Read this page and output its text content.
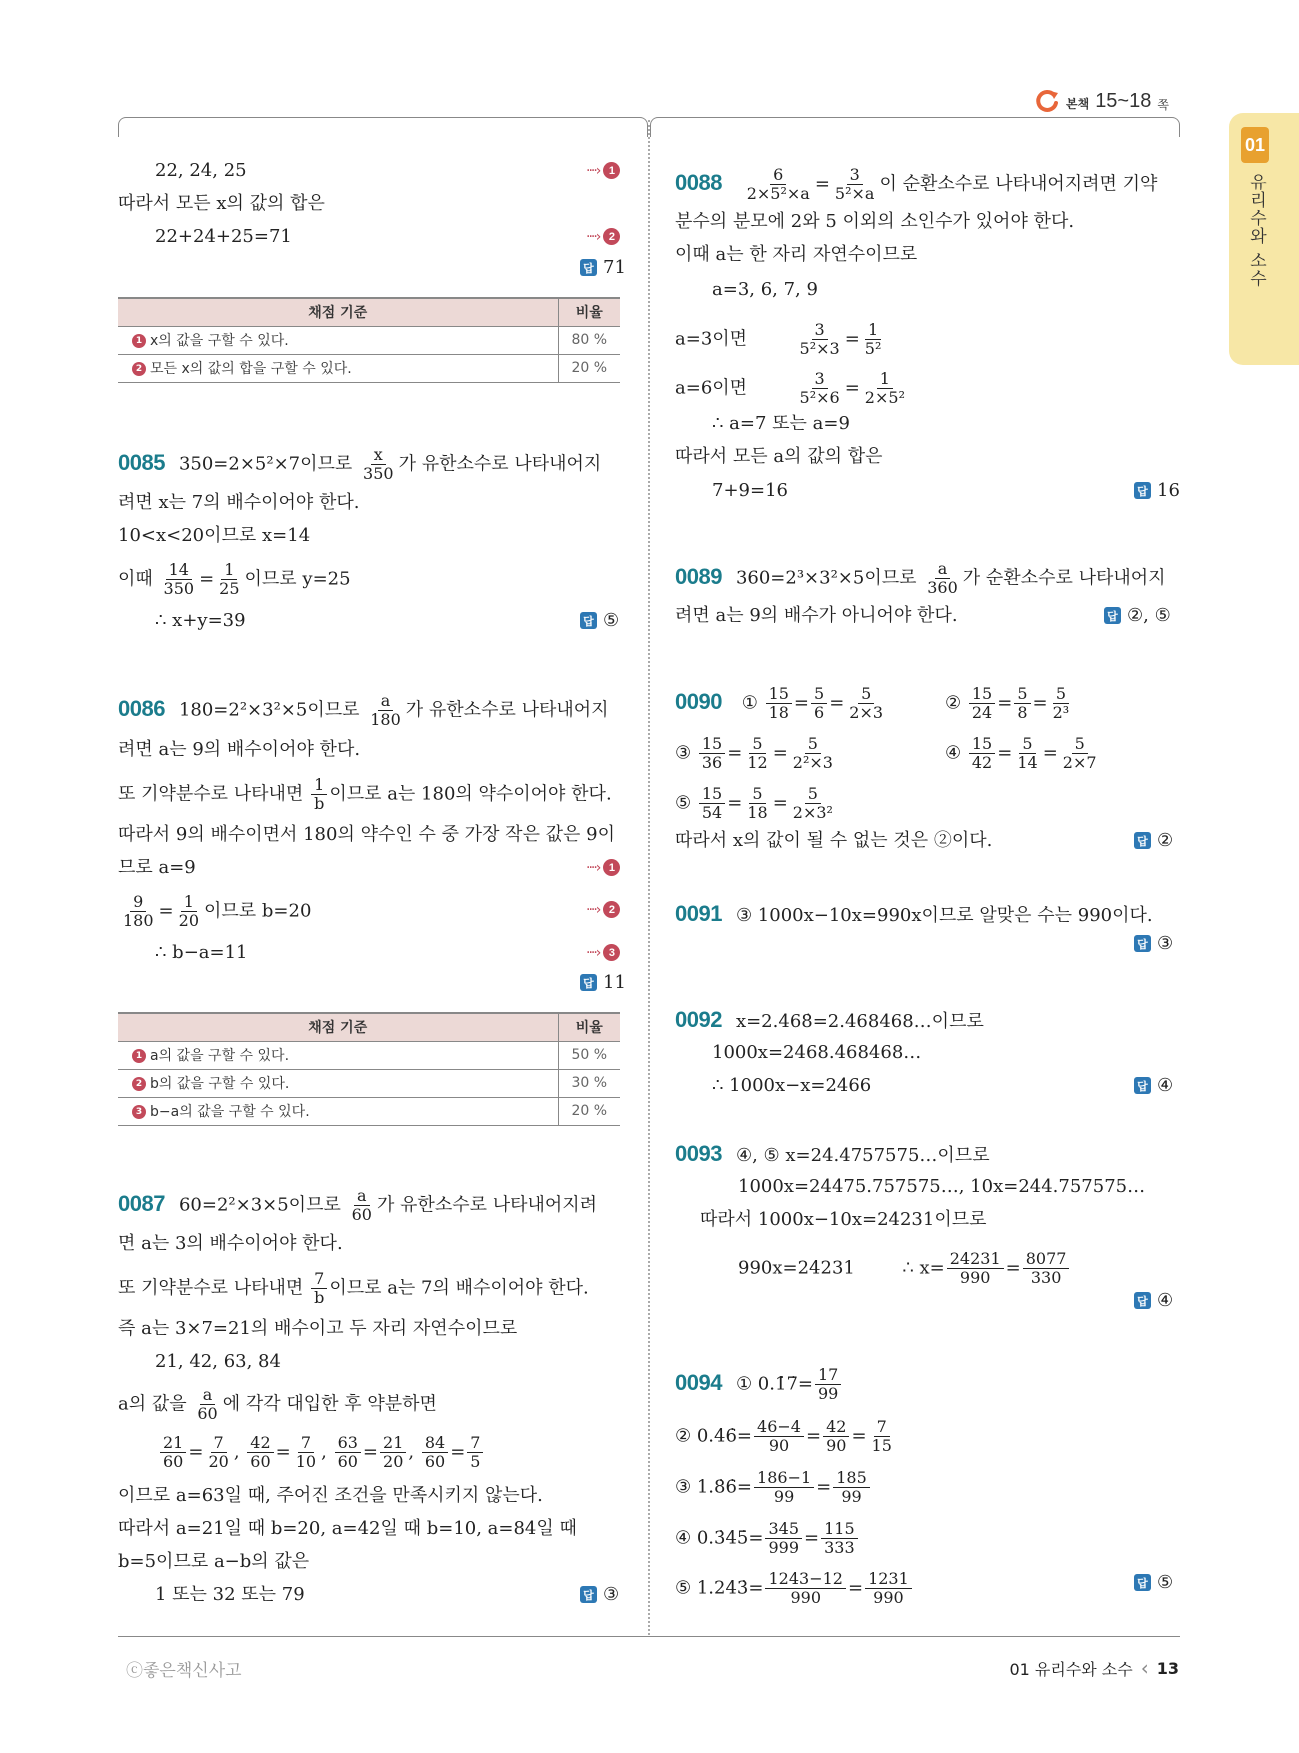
본책 15~18 쪽
01
유리수와 소수
22, 24, 25	····› 1
따라서 모든 x의 값의 합은
22+24+25=71	····› 2
답 71
채점 기준	비율
1 x의 값을 구할 수 있다.	80 %
2 모든 x의 값의 합을 구할 수 있다.	20 %
0085 350=2×5²×7이므로 $\frac{x}{350}$ 가 유한소수로 나타내어지
려면 x는 7의 배수이어야 한다.
10<x<20이므로 x=14
이때 $\frac{14}{350} = \frac{1}{25}$ 이므로 y=25
∴ x+y=39	답 ⑤
0086 180=2²×3²×5이므로 $\frac{a}{180}$ 가 유한소수로 나타내어지
려면 a는 9의 배수이어야 한다.
또 기약분수로 나타내면 $\frac{1}{b}$ 이므로 a는 180의 약수이어야 한다.
따라서 9의 배수이면서 180의 약수인 수 중 가장 작은 값은 9이
므로 a=9	····› 1
$\frac{9}{180} = \frac{1}{20}$ 이므로 b=20	····› 2
∴ b−a=11	····› 3
답 11
채점 기준	비율
1 a의 값을 구할 수 있다.	50 %
2 b의 값을 구할 수 있다.	30 %
3 b−a의 값을 구할 수 있다.	20 %
0087 60=2²×3×5이므로 $\frac{a}{60}$ 가 유한소수로 나타내어지려
면 a는 3의 배수이어야 한다.
또 기약분수로 나타내면 $\frac{7}{b}$ 이므로 a는 7의 배수이어야 한다.
즉 a는 3×7=21의 배수이고 두 자리 자연수이므로
21, 42, 63, 84
a의 값을 $\frac{a}{60}$ 에 각각 대입한 후 약분하면
$\frac{21}{60} = \frac{7}{20}$ , $\frac{42}{60} = \frac{7}{10}$ , $\frac{63}{60} = \frac{21}{20}$ , $\frac{84}{60} = \frac{7}{5}$
이므로 a=63일 때, 주어진 조건을 만족시키지 않는다.
따라서 a=21일 때 b=20, a=42일 때 b=10, a=84일 때
b=5이므로 a−b의 값은
1 또는 32 또는 79	답 ③
$0088 \frac{6}{\text{2×5²×a}} = \frac{3}{\text{5²×a}}$ 이 순환소수로 나타내어지려면 기약
분수의 분모에 2와 5 이외의 소인수가 있어야 한다.
이때 a는 한 자리 자연수이므로
a=3, 6, 7, 9
a=3이면	$\frac{3}{\text{5²×3}} = \frac{1}{\text{5²}}$
a=6이면	$\frac{3}{\text{5²×6}} = \frac{1}{\text{2×5²}}$
∴ a=7 또는 a=9
따라서 모든 a의 값의 합은
7+9=16	답 16
0089 360=2³×3²×5이므로 $\frac{a}{360}$ 가 순환소수로 나타내어지
려면 a는 9의 배수가 아니어야 한다.	답 ②, ⑤
0090 ① $\frac{15}{18} = \frac{5}{6} = \frac{5}{2\times 3}$	② $\frac{15}{24} = \frac{5}{8} = \frac{5}{\text{2³}}$
③ $\frac{15}{36} = \frac{5}{12} = \frac{5}{\text{2²×3}}$	④ $\frac{15}{42} = \frac{5}{14} = \frac{5}{2\times 7}$
⑤ $\frac{15}{54} = \frac{5}{18} = \frac{5}{\text{2×3²}}$
따라서 x의 값이 될 수 없는 것은 ②이다.	답 ②
0091 ③ 1000x−10x=990x이므로 알맞은 수는 990이다.
답 ③
0092 x=2.4̇68̇=2.468468…이므로
1000x=2468.468468…
∴ 1000x−x=2466	답 ④
0093 ④, ⑤ x=24.4757575…이므로
1000x=24475.757575…, 10x=244.757575…
따라서 1000x−10x=24231이므로
990x=24231	∴ $x= \frac{24231}{990} = \frac{8077}{330}$
답 ④
0094 ① 0.1̇7̇= $\frac{17}{99}$
② 0.46̇= $\frac{46-4}{90} = \frac{42}{90} = \frac{7}{15}$
③ 1.8̇6̇= $\frac{186-1}{99} = \frac{185}{99}$
④ 0.3̇45̇= $\frac{345}{999} = \frac{115}{333}$
⑤ 1.24̇3̇= $\frac{1243-12}{990} = \frac{1231}{990}$	답 ⑤
ⓒ좋은책신사고	01 유리수와 소수 ‹ 13
